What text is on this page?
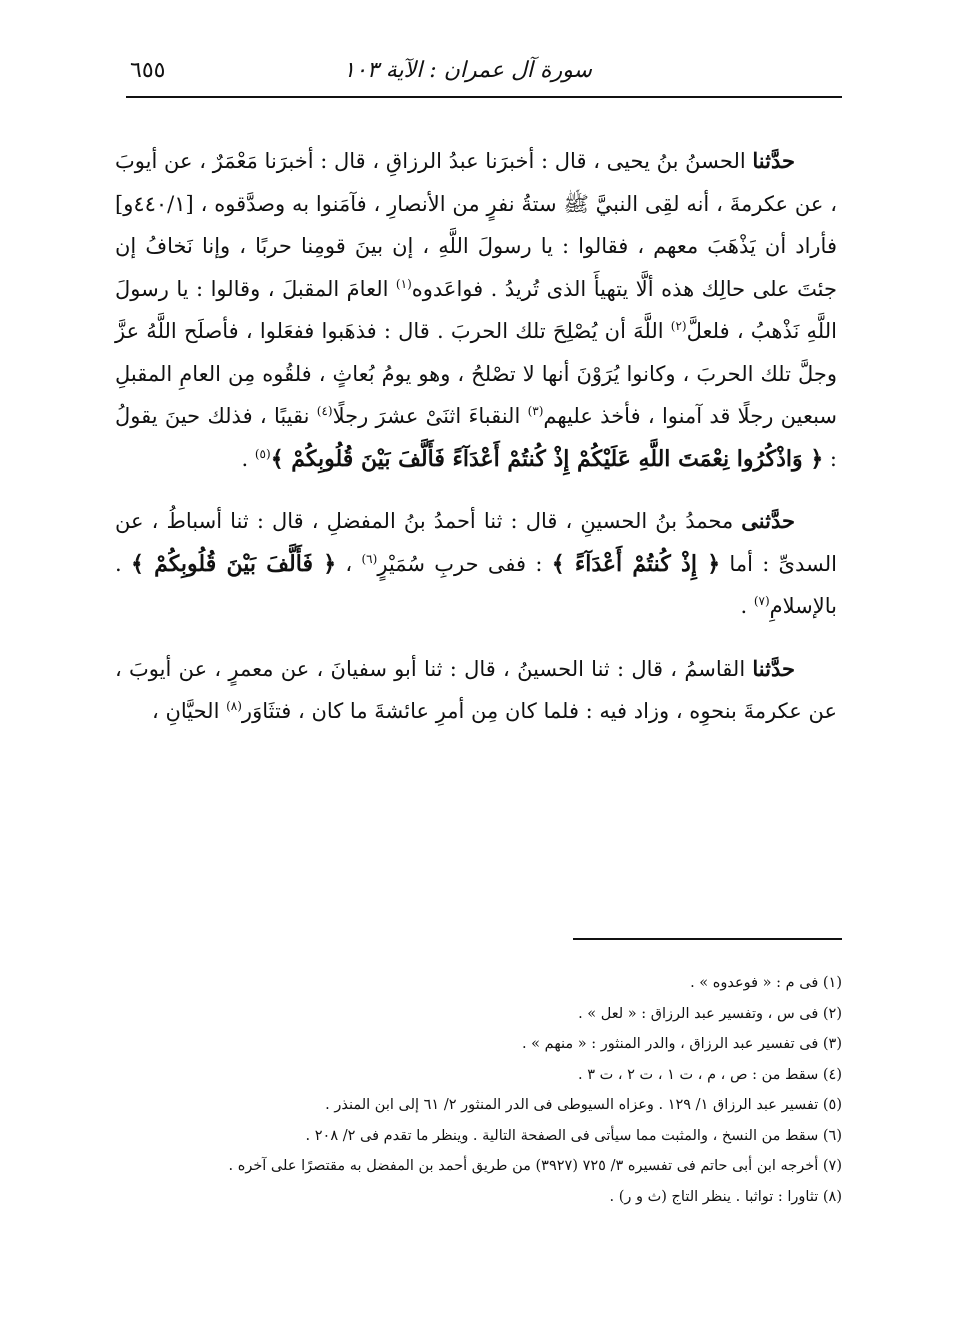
سورة آل عمران : الآية ١٠٣
٦٥٥

حدَّثنا الحسنُ بنُ يحيى ، قال : أخبرَنا عبدُ الرزاقِ ، قال : أخبرَنا مَعْمَرٌ ، عن أيوبَ ، عن عكرمةَ ، أنه لقِى النبيَّ ﷺ ستةُ نفرٍ من الأنصارِ ، فآمَنوا به وصدَّقوه ، [٤٤٠/١و] فأراد أن يَذْهَبَ معهم ، فقالوا : يا رسولَ اللَّهِ ، إن بينَ قومِنا حربًا ، وإنا نَخافُ إن جئتَ على حالِك هذه ألَّا يتهيأَ الذى تُريدُ . فواعَدوه$^{(١)}$ العامَ المقبلَ ، وقالوا : يا رسولَ اللَّهِ نَذْهبُ ، فلعلَّ$^{(٢)}$ اللَّهَ أن يُصْلِحَ تلك الحربَ . قال : فذهَبوا ففعَلوا ، فأصلَح اللَّهُ عزَّ وجلَّ تلك الحربَ ، وكانوا يُرَوْنَ أنها لا تصْلحُ ، وهو يومُ بُعاثٍ ، فلقُوه مِن العامِ المقبلِ سبعين رجلًا قد آمنوا ، فأخذ عليهم$^{(٣)}$ النقباءَ اثنَىْ عشرَ رجلًا$^{(٤)}$ نقيبًا ، فذلك حينَ يقولُ : ﴿ وَاذْكُرُوا نِعْمَتَ اللَّهِ عَلَيْكُمْ إِذْ كُنتُمْ أَعْدَآءً فَأَلَّفَ بَيْنَ قُلُوبِكُمْ ﴾$^{(٥)}$ .

حدَّثنى محمدُ بنُ الحسينِ ، قال : ثنا أحمدُ بنُ المفضلِ ، قال : ثنا أسباطُ ، عن السدىِّ : أما ﴿ إِذْ كُنتُمْ أَعْدَآءً ﴾ : ففى حربِ سُمَيْرٍ$^{(٦)}$ ، ﴿ فَأَلَّفَ بَيْنَ قُلُوبِكُمْ ﴾ . بالإسلامِ$^{(٧)}$ .

حدَّثنا القاسمُ ، قال : ثنا الحسينُ ، قال : ثنا أبو سفيانَ ، عن معمرٍ ، عن أيوبَ ، عن عكرمةَ بنحوِه ، وزاد فيه : فلما كان مِن أمرِ عائشةَ ما كان ، فتثَاوَر$^{(٨)}$ الحيَّانِ ،

(١) فى م : « فوعدوه » .
(٢) فى س ، وتفسير عبد الرزاق : « لعل » .
(٣) فى تفسير عبد الرزاق ، والدر المنثور : « منهم » .
(٤) سقط من : ص ، م ، ت ١ ، ت ٢ ، ت ٣ .
(٥) تفسير عبد الرزاق ١/ ١٢٩ . وعزاه السيوطى فى الدر المنثور ٢/ ٦١ إلى ابن المنذر .
(٦) سقط من النسخ ، والمثبت مما سيأتى فى الصفحة التالية . وينظر ما تقدم فى ٢/ ٢٠٨ .
(٧) أخرجه ابن أبى حاتم فى تفسيره ٣/ ٧٢٥ (٣٩٢٧) من طريق أحمد بن المفضل به مقتصرًا على آخره .
(٨) تثاورا : تواثبا . ينظر التاج (ث و ر) .
